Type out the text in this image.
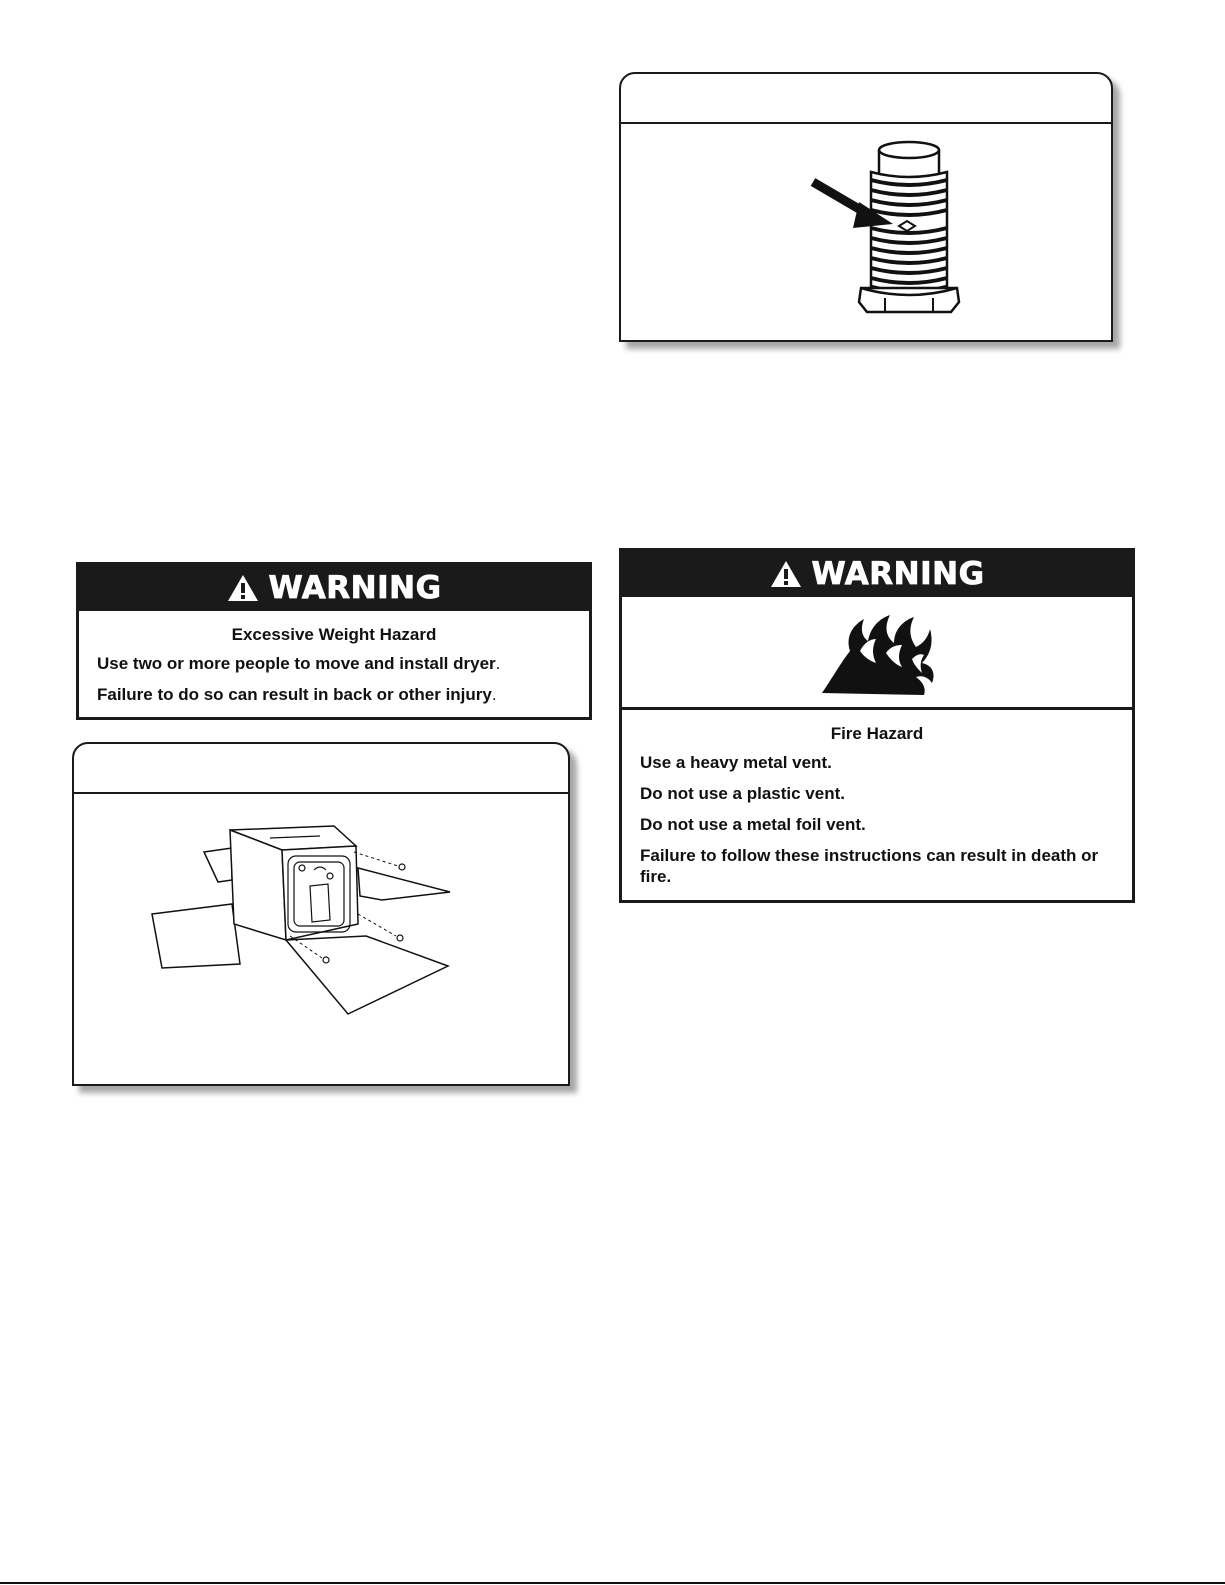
WARNING

Excessive Weight Hazard

Use two or more people to move and install dryer.

Failure to do so can result in back or other injury.

WARNING

Fire Hazard

Use a heavy metal vent.

Do not use a plastic vent.

Do not use a metal foil vent.

Failure to follow these instructions can result in death or fire.
